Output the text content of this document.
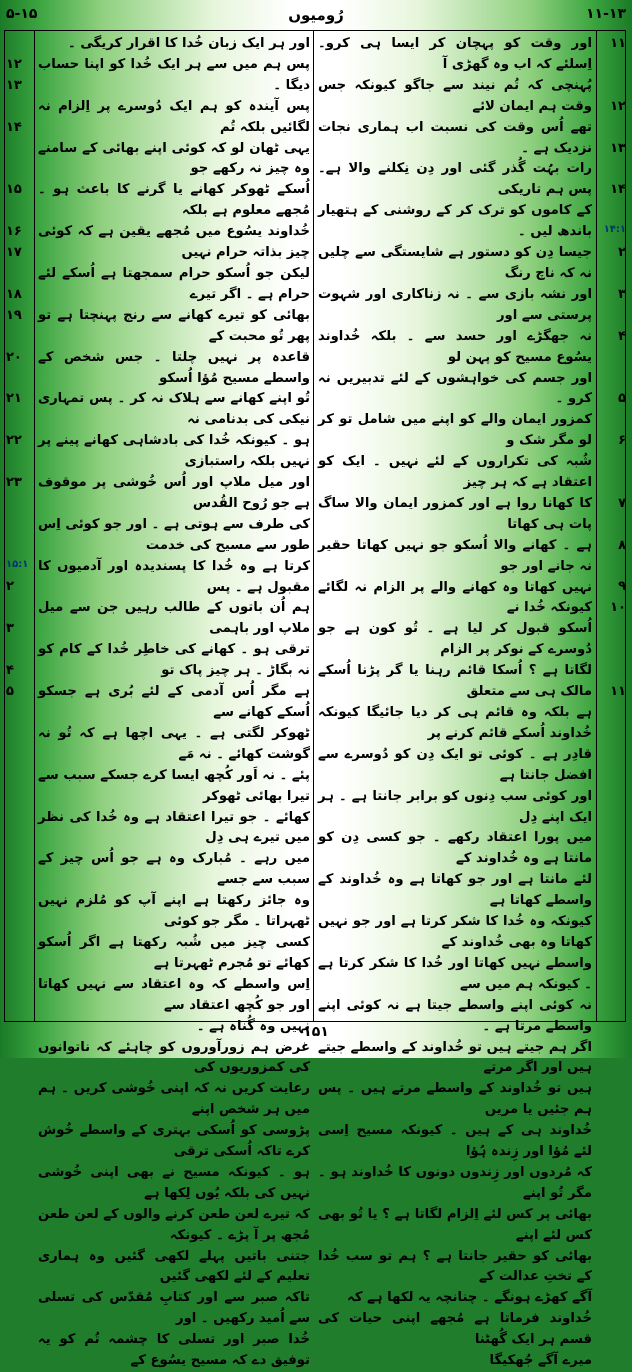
۵-۱۵	رُومیوں	۱۱-۱۳

اور وقت کو پہچان کر ایسا ہی کرو۔ اِسلئے کہ اب وہ گھڑی آ

پُہنچی کہ تُم نیند سے جاگو کیونکہ جس وقت ہم ایمان لائے

تھے اُس وقت کی نسبت اب ہماری نجات نزدیک ہے ۔

رات بہُت گُذر گئی اور دِن نِکلنے والا ہے۔ پس ہم تاریکی

کے کاموں کو ترک کر کے روشنی کے ہتھیار باندھ لیں ۔

جیسا دِن کو دستور ہے شایستگی سے چلیں نہ کہ ناچ رنگ

اور نشہ بازی سے ۔ نہ زناکاری اور شہوت پرستی سے اور

نہ جھگڑے اور حسد سے ۔ بلکہ خُداوند یسُوع مسیح کو پہن لو

اور جسم کی خواہشوں کے لئے تدبیریں نہ کرو ۔

کمزور ایمان والے کو اپنے میں شامل تو کر لو مگر شک و

شُبہ کی تکراروں کے لئے نہیں ۔ ایک کو اعتقاد ہے کہ ہر چیز

کا کھانا روا ہے اور کمزور ایمان والا ساگ پات ہی کھاتا

ہے ۔ کھانے والا اُسکو جو نہیں کھاتا حقیر نہ جانے اور جو

نہیں کھاتا وہ کھانے والے پر الزام نہ لگائے کیونکہ خُدا نے

اُسکو قبول کر لیا ہے ۔ تُو کون ہے جو دُوسرے کے نوکر پر الزام

لگاتا ہے ؟ اُسکا قائم رہنا یا گر پڑنا اُسکے مالک ہی سے متعلق

ہے بلکہ وہ قائم ہی کر دیا جائیگا کیونکہ خُداوند اُسکے قائم کرنے پر

قادِر ہے ۔ کوئی تو ایک دِن کو دُوسرے سے افضل جانتا ہے

اور کوئی سب دِنوں کو برابر جانتا ہے ۔ ہر ایک اپنے دِل

میں پورا اعتقاد رکھے ۔ جو کسی دِن کو مانتا ہے وہ خُداوند کے

لئے مانتا ہے اور جو کھاتا ہے وہ خُداوند کے واسطے کھاتا ہے

کیونکہ وہ خُدا کا شکر کرتا ہے اور جو نہیں کھاتا وہ بھی خُداوند کے

واسطے نہیں کھاتا اور خُدا کا شکر کرتا ہے ۔ کیونکہ ہم میں سے

نہ کوئی اپنے واسطے جیتا ہے نہ کوئی اپنے واسطے مرتا ہے ۔

اگر ہم جیتے ہیں تو خُداوند کے واسطے جیتے ہیں اور اگر مرتے

ہیں تو خُداوند کے واسطے مرتے ہیں ۔ پس ہم جئیں یا مریں

خُداوند ہی کے ہیں ۔ کیونکہ مسیح اِسی لئے مُؤا اور زِندہ ہُؤا

کہ مُردوں اور زِندوں دونوں کا خُداوند ہو ۔ مگر تُو اپنے

بھائی پر کس لئے اِلزام لگاتا ہے ؟ یا تُو بھی کس لئے اپنے

بھائی کو حقیر جانتا ہے ؟ ہم تو سب خُدا کے تختِ عدالت کے

آگے کھڑے ہونگے ۔ چنانچہ یہ لکھا ہے کہ

خُداوند فرماتا ہے مُجھے اپنی حیات کی قسم ہر ایک گُھٹنا

میرے آگے جُھکیگا

اور ہر ایک زبان خُدا کا اقرار کریگی ۔

پس ہم میں سے ہر ایک خُدا کو اپنا حساب دیگا ۔

پس آیندہ کو ہم ایک دُوسرے پر اِلزام نہ لگائیں بلکہ تُم

یہی ٹھان لو کہ کوئی اپنے بھائی کے سامنے وہ چیز نہ رکھے جو

اُسکے ٹھوکر کھانے یا گرنے کا باعث ہو ۔ مُجھے معلوم ہے بلکہ

خُداوند یسُوع میں مُجھے یقین ہے کہ کوئی چیز بذاتہ حرام نہیں

لیکن جو اُسکو حرام سمجھتا ہے اُسکے لئے حرام ہے ۔ اگر تیرے

بھائی کو تیرے کھانے سے رنج پہنچتا ہے تو پھر تُو محبت کے

قاعدہ پر نہیں چلتا ۔ جس شخص کے واسطے مسیح مُؤا اُسکو

تُو اپنے کھانے سے ہلاک نہ کر ۔ پس تمہاری نیکی کی بدنامی نہ

ہو ۔ کیونکہ خُدا کی بادشاہی کھانے پینے پر نہیں بلکہ راستبازی

اور میل ملاپ اور اُس خُوشی پر موقوف ہے جو رُوح القُدس

کی طرف سے ہوتی ہے ۔ اور جو کوئی اِس طور سے مسیح کی خدمت

کرتا ہے وہ خُدا کا پسندیدہ اور آدمیوں کا مقبول ہے ۔ پس

ہم اُن باتوں کے طالب رہیں جن سے میل ملاپ اور باہمی

ترقی ہو ۔ کھانے کی خاطِر خُدا کے کام کو نہ بگاڑ ۔ ہر چیز پاک تو

ہے مگر اُس آدمی کے لئے بُری ہے جسکو اُسکے کھانے سے

ٹھوکر لگتی ہے ۔ یہی اچھا ہے کہ تُو نہ گوشت کھائے ۔ نہ مَے

پئے ۔ نہ اَور کُچھ ایسا کرے جسکے سبب سے تیرا بھائی ٹھوکر

کھائے ۔ جو تیرا اعتقاد ہے وہ خُدا کی نظر میں تیرے ہی دِل

میں رہے ۔ مُبارک وہ ہے جو اُس چیز کے سبب سے جسے

وہ جائز رکھتا ہے اپنے آپ کو مُلزم نہیں ٹھہراتا ۔ مگر جو کوئی

کسی چیز میں شُبہ رکھتا ہے اگر اُسکو کھائے تو مُجرم ٹھہرتا ہے

اِس واسطے کہ وہ اعتقاد سے نہیں کھاتا اور جو کُچھ اعتقاد سے

نہیں وہ گُناہ ہے ۔

غرض ہم زورآوروں کو چاہئے کہ ناتوانوں کی کمزوریوں کی

رعایت کریں نہ کہ اپنی خُوشی کریں ۔ ہم میں ہر شخص اپنے

پڑوسی کو اُسکی بہتری کے واسطے خُوش کرے تاکہ اُسکی ترقی

ہو ۔ کیونکہ مسیح نے بھی اپنی خُوشی نہیں کی بلکہ یُوں لِکھا ہے

کہ تیرے لعن طعن کرنے والوں کے لعن طعن مُجھ پر آ پڑے ۔ کیونکہ

جتنی باتیں پہلے لکھی گئیں وہ ہماری تعلیم کے لئے لکھی گئیں

تاکہ صبر سے اور کتابِ مُقدّس کی تسلی سے اُمید رکھیں ۔ اور

خُدا صبر اور تسلی کا چشمہ تُم کو یہ توفیق دے کہ مسیح یسُوع کے

۱۱
۱۲
۱۳
۱۴
۱۴:۱
۲
۳
۴
۵
۶
۷
۸
۹
۱۰
۱۱
۱۲
۱۳
۱۴
۱۵
۱۶
۱۷
۱۸
۱۹
۲۰
۲۱
۲۲
۲۳
۱۵:۱
۲
۳
۴
۵
۱۵۱
